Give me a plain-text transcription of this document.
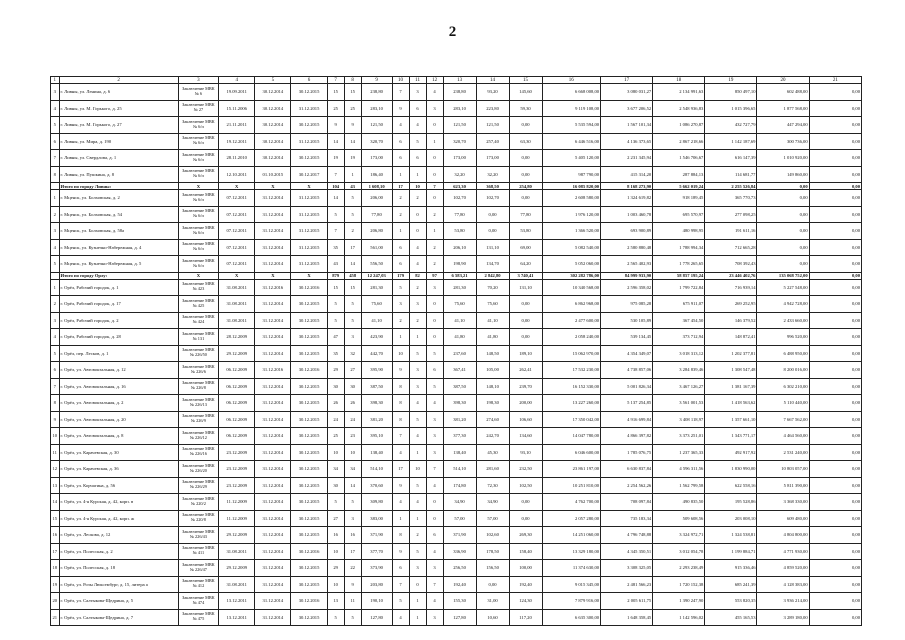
2
1	2	3	4	5	6	7	8	9	10	11	12	13	14	15	16	17	18	19	20	21
3	г. Ливны, ул. Ленина, д. 6	Заключение МВК № 6	19.09.2011	30.12.2014	30.12.2015	15	15	238,80	7	3	4	238,80	93,20	145,60	6 668 008,00	3 080 031,27	2 134 991,63	850 497,10	602 488,00	0,00
4	г. Ливны, ул. М. Горького, д. 25	Заключение МВК № 27	15.11.2006	30.12.2014	31.12.2015	25	25	283,10	9	6	3	283,10	223,80	59,30	9 119 108,00	3 677 206,52	2 548 936,83	1 015 396,65	1 877 568,00	0,00
5	г. Ливны, ул. М. Горького, д. 27	Заключение МВК № 6/п	21.11.2011	30.12.2014	30.12.2015	9	9	121,50	4	4	0	121,50	121,50	0,00	5 535 594,00	1 567 101,34	1 086 270,87	432 727,79	447 294,00	0,00
6	г. Ливны, ул. Мира, д. 190	Заключение МВК № 6/п	19.12.2011	30.12.2014	31.12.2015	14	14	320,70	6	5	1	320,70	257,40	63,30	6 446 516,00	4 136 373,65	2 867 218,66	1 142 187,69	300 736,00	0,00
7	г. Ливны, ул. Свердлова, д. 1	Заключение МВК № 6/п	28.11.2010	30.12.2014	30.12.2015	19	19	173,00	6	6	0	173,00	173,00	0,00	5 405 120,00	2 231 345,94	1 546 706,67	616 147,39	1 010 920,00	0,00
8	г. Ливны, ул. Пушкина, д. 8	Заключение МВК № 6/п	12.10.2011	01.10.2015	30.12.2017	7	1	186,40	1	1	0	32,20	32,20	0,00	987 790,00	415 314,20	287 884,13	114 681,77	149 860,00	0,00
	Итого по городу Ливны:	X	X	X	X	104	43	1 608,10	17	10	7	623,30	368,50	254,80	16 085 820,00	8 168 273,90	5 662 019,24	2 255 526,84	0,00	0,00
1	г. Мценск, ул. Болховская, д. 2	Заключение МВК № 6/п	07.12.2011	31.12.2014	31.12.2015	14	5	206,00	2	2	0	102,70	102,70	0,00	2 608 580,00	1 324 619,82	918 189,45	365 770,73	0,00	0,00
2	г. Мценск, ул. Болховская, д. 54	Заключение МВК № 6/п	07.12.2011	31.12.2014	31.12.2015	5	5	77,80	2	0	2	77,80	0,00	77,80	1 976 120,00	1 003 460,78	695 570,97	277 098,25	0,00	0,00
3	г. Мценск, ул. Болховская, д. 58а	Заключение МВК № 6/п	07.12.2011	31.12.2014	31.12.2015	7	2	206,80	1	0	1	53,80	0,00	53,80	1 366 520,00	693 900,89	480 998,95	191 611,16	0,00	0,00
4	г. Мценск, ул. Кузнечно-Набережная, д. 4	Заключение МВК № 6/п	07.12.2011	31.12.2014	31.12.2015	35	17	561,00	6	4	2	206,10	131,10	69,00	5 082 540,00	2 580 880,48	1 788 994,34	712 665,28	0,00	0,00
5	г. Мценск, ул. Кузнечно-Набережная, д. 5	Заключение МВК № 6/п	07.12.2011	31.12.2014	31.12.2015	43	14	556,50	6	4	2	198,90	134,70	64,20	5 052 060,00	2 565 402,93	1 778 265,65	708 392,43	0,00	0,00
	Итого по городу Орлу:	X	X	X	X	879	458	12 247,03	179	82	97	6 583,21	2 842,80	3 740,41	302 282 786,00	84 999 933,90	58 857 195,24	23 446 402,76	135 068 752,00	0,00
1	г. Орёл, Рабочий городок, д. 1	Заключение МВК № 423	31.08.2011	31.12.2016	30.12.2016	15	15	281,30	5	2	3	281,30	70,20	131,10	10 340 568,00	2 596 358,02	1 799 722,84	716 939,14	5 227 548,00	0,00
2	г. Орёл, Рабочий городок, д. 17	Заключение МВК № 425	31.08.2011	31.12.2014	30.12.2015	5	5	75,60	3	3	0	75,60	75,60	0,00	6 862 968,00	975 085,28	675 911,07	269 252,95	4 942 728,00	0,00
3	г. Орёл, Рабочий городок, д. 2	Заключение МВК № 424	31.08.2011	31.12.2014	30.12.2015	5	5	41,10	2	2	0	41,10	41,10	0,00	2 477 600,00	530 105,89	367 454,50	146 379,52	2 433 660,00	0,00
4	г. Орёл, Рабочий городок, д. 28	Заключение МВК № 131	28.12.2009	31.12.2014	30.12.2015	47	3	423,90	1	1	0	41,80	41,80	0,00	2 058 240,00	539 134,45	373 712,94	148 872,41	996 520,00	0,00
5	г. Орёл, пер. Лесков, д. 1	Заключение МВК № 226/50	29.12.2009	31.12.2014	30.12.2015	35	32	442,70	10	5	5	237,60	148,50	189,10	15 062 970,00	4 354 349,07	3 018 313,12	1 202 377,81	6 488 950,00	0,00
6	г. Орёл, ул. Автовокзальная, д. 12	Заключение МВК № 226/6	06.12.2009	31.12.2016	30.12.2016	29	27	395,90	9	3	6	367,41	105,00	262,41	17 532 230,00	4 738 857,06	3 284 839,46	1 308 547,48	8 200 016,00	0,00
7	г. Орёл, ул. Автовокзальная, д. 16	Заключение МВК № 226/8	06.12.2009	31.12.2014	30.12.2015	30	30	387,50	8	3	5	387,50	148,10	239,70	16 152 330,00	5 001 826,34	3 467 126,27	1 381 167,39	6 302 210,00	0,00
8	г. Орёл, ул. Автовокзальная, д. 2	Заключение МВК № 226/13	06.12.2009	31.12.2014	30.12.2015	26	26	398,30	8	4	4	398,30	198,30	200,00	13 227 260,00	5 137 254,85	3 561 001,53	1 418 563,62	5 110 440,00	0,00
9	г. Орёл, ул. Автовокзальная, д. 20	Заключение МВК № 226/9	06.12.2009	31.12.2014	30.12.2015	24	24	381,20	8	5	3	381,20	274,60	106,60	17 350 042,00	4 916 699,84	3 408 118,97	1 357 661,10	7 667 562,00	0,00
10	г. Орёл, ул. Автовокзальная, д. 8	Заключение МВК № 226/12	06.12.2009	31.12.2014	30.12.2015	25	23	395,10	7	4	3	377,30	242,70	134,60	14 047 780,00	4 866 397,82	3 373 251,01	1 343 771,17	4 464 560,00	0,00
11	г. Орёл, ул. Карачевская, д. 30	Заключение МВК № 226/16	23.12.2009	31.12.2014	30.12.2015	10	10	138,40	4	1	3	138,40	45,30	93,10	6 046 600,00	1 785 076,75	1 237 365,33	492 917,92	2 531 240,00	0,00
12	г. Орёл, ул. Карачевская, д. 36	Заключение МВК № 226/20	23.12.2009	31.12.2014	30.12.2015	34	34	514,10	17	10	7	514,10	281,60	232,50	23 861 197,00	6 630 837,84	4 596 311,56	1 830 990,00	10 803 057,00	0,00
13	г. Орёл, ул. Корчагина, д. 56	Заключение МВК № 226/29	23.12.2009	31.12.2014	30.12.2015	30	14	370,60	9	5	4	174,80	72,30	102,50	10 251 810,00	2 254 562,26	1 562 799,58	622 558,16	5 811 390,00	0,00
14	г. Орёл, ул. 4-я Курская, д. 42, корп. в	Заключение МВК № 220/2	11.12.2009	31.12.2014	30.12.2015	5	5	309,80	4	4	0	34,90	34,90	0,00	4 762 700,00	708 097,84	490 835,50	195 528,86	3 368 330,00	0,00
15	г. Орёл, ул. 4-я Курская, д. 42, корп. ж	Заключение МВК № 220/8	11.12.2009	31.12.2014	30.12.2015	27	3	383,00	1	1	0	57,00	57,00	0,00	2 057 280,00	735 183,34	509 608,56	203 008,10	609 480,00	0,00
16	г. Орёл, ул. Лескова, д. 12	Заключение МВК № 226/43	29.12.2009	31.12.2014	30.12.2015	16	16	371,90	8	2	6	371,90	102,60	269,30	14 251 060,00	4 796 748,88	3 324 972,71	1 324 538,81	4 804 800,00	0,00
17	г. Орёл, ул. Полесская, д. 2	Заключение МВК № 411	31.08.2011	31.12.2014	30.12.2016	10	17	377,70	9	5	4	336,90	178,50	158,40	13 329 180,00	4 345 350,51	3 012 054,78	1 199 884,71	4 771 930,00	0,00
18	г. Орёл, ул. Полесская, д. 18	Заключение МВК № 226/47	29.12.2009	31.12.2014	30.12.2015	29	22	373,90	6	3	3	256,50	156,50	100,00	11 374 630,00	3 308 325,05	2 293 238,49	915 336,46	4 859 520,00	0,00
19	г. Орёл, ул. Розы Люксембург, д. 15, литера а	Заключение МВК № 412	31.08.2011	31.12.2014	30.12.2015	10	9	203,80	7	0	7	192,40	0,00	192,40	9 015 345,00	2 481 566,23	1 720 152,38	685 241,39	4 128 383,00	0,00
20	г. Орёл, ул. Салтыкова-Щедрина, д. 5	Заключение МВК № 474	13.12.2011	31.12.2014	30.12.2016	13	11	190,10	5	1	4	155,30	31,00	124,30	7 879 916,00	2 005 611,75	1 390 247,90	553 820,35	3 936 214,00	0,00
21	г. Орёл, ул. Салтыкова-Щедрина, д. 7	Заключение МВК № 475	13.12.2011	31.12.2014	30.12.2015	5	5	127,80	4	1	3	127,80	10,60	117,20	6 635 300,00	1 648 358,45	1 142 596,02	455 165,53	3 289 180,00	0,00
